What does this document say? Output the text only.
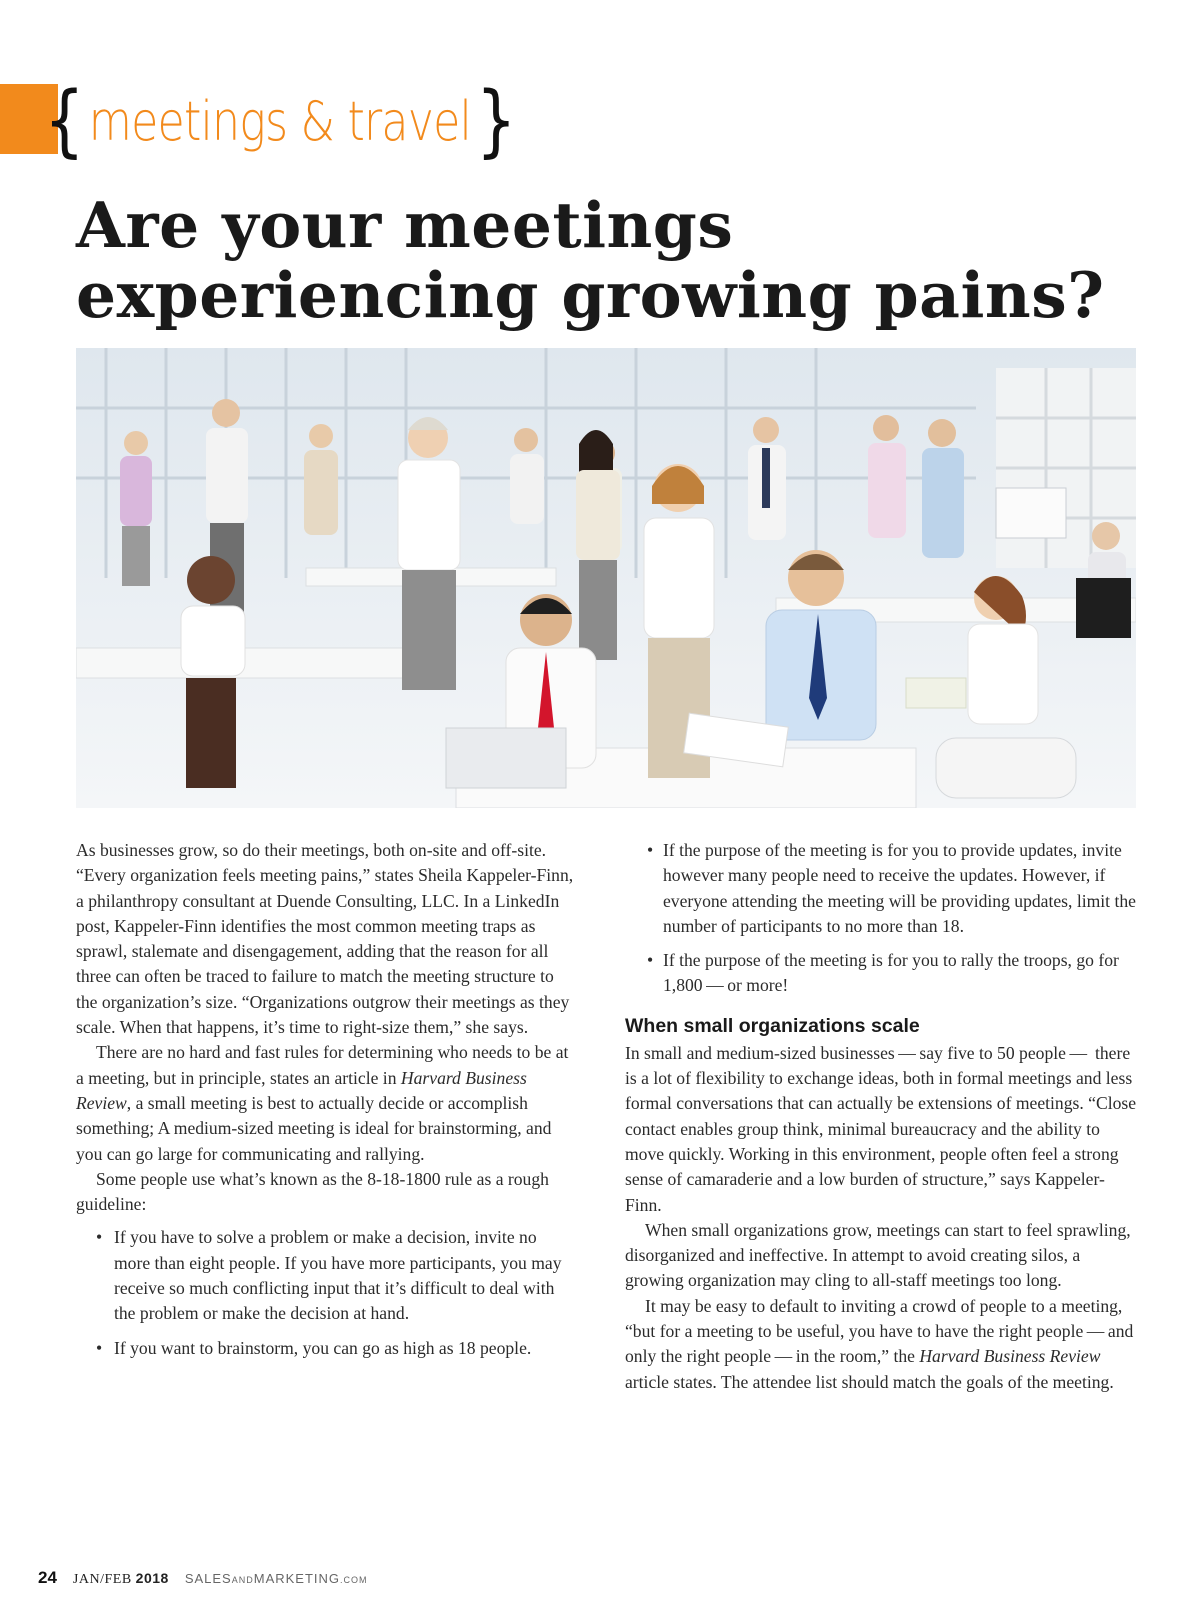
{ meetings & travel }
Are your meetings experiencing growing pains?

As businesses grow, so do their meetings, both on-site and off-site. “Every organization feels meeting pains,” states Sheila Kappeler-Finn, a philanthropy consultant at Duende Consulting, LLC. In a LinkedIn post, Kappeler-Finn identifies the most common meeting traps as sprawl, stalemate and disengagement, adding that the reason for all three can often be traced to failure to match the meeting structure to the organization’s size. “Organizations outgrow their meetings as they scale. When that happens, it’s time to right-size them,” she says.

There are no hard and fast rules for determining who needs to be at a meeting, but in principle, states an article in Harvard Business Review, a small meeting is best to actually decide or accomplish something; A medium-sized meeting is ideal for brainstorming, and you can go large for communicating and rallying.

Some people use what’s known as the 8-18-1800 rule as a rough guideline:

• If you have to solve a problem or make a decision, invite no more than eight people. If you have more participants, you may receive so much conflicting input that it’s difficult to deal with the problem or make the decision at hand.
• If you want to brainstorm, you can go as high as 18 people.
• If the purpose of the meeting is for you to provide updates, invite however many people need to receive the updates. However, if everyone attending the meeting will be providing updates, limit the number of participants to no more than 18.
• If the purpose of the meeting is for you to rally the troops, go for 1,800 — or more!
When small organizations scale

In small and medium-sized businesses — say five to 50 people —  there is a lot of flexibility to exchange ideas, both in formal meetings and less formal conversations that can actually be extensions of meetings. “Close contact enables group think, minimal bureaucracy and the ability to move quickly. Working in this environment, people often feel a strong sense of camaraderie and a low burden of structure,” says Kappeler-Finn.

When small organizations grow, meetings can start to feel sprawling, disorganized and ineffective. In attempt to avoid creating silos, a growing organization may cling to all-staff meetings too long.

It may be easy to default to inviting a crowd of people to a meeting, “but for a meeting to be useful, you have to have the right people — and only the right people — in the room,” the Harvard Business Review article states. The attendee list should match the goals of the meeting.

24 JAN/FEB 2018 SALESANDMARKETING.COM
